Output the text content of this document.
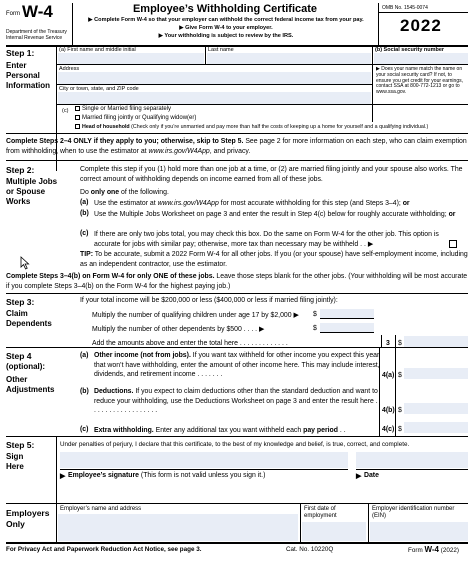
Form W-4
Department of the Treasury
Internal Revenue Service
Employee’s Withholding Certificate
▶ Complete Form W-4 so that your employer can withhold the correct federal income tax from your pay.
▶ Give Form W-4 to your employer.
▶ Your withholding is subject to review by the IRS.
OMB No. 1545-0074
2022
Step 1:
Enter
Personal
Information
(a) First name and middle initial	Last name	(b) Social security number
Address
City or town, state, and ZIP code
▶ Does your name match the name on your social security card? If not, to ensure you get credit for your earnings, contact SSA at 800-772-1213 or go to www.ssa.gov.
(c)	Single or Married filing separately
Married filing jointly or Qualifying widow(er)
Head of household (Check only if you’re unmarried and pay more than half the costs of keeping up a home for yourself and a qualifying individual.)
Complete Steps 2–4 ONLY if they apply to you; otherwise, skip to Step 5. See page 2 for more information on each step, who can claim exemption from withholding, when to use the estimator at www.irs.gov/W4App, and privacy.
Step 2:
Multiple Jobs
or Spouse
Works
Complete this step if you (1) hold more than one job at a time, or (2) are married filing jointly and your spouse also works. The correct amount of withholding depends on income earned from all of these jobs.
Do only one of the following.
(a) Use the estimator at www.irs.gov/W4App for most accurate withholding for this step (and Steps 3–4); or
(b) Use the Multiple Jobs Worksheet on page 3 and enter the result in Step 4(c) below for roughly accurate withholding; or
(c) If there are only two jobs total, you may check this box. Do the same on Form W-4 for the other job. This option is accurate for jobs with similar pay; otherwise, more tax than necessary may be withheld . . ▶
TIP: To be accurate, submit a 2022 Form W-4 for all other jobs. If you (or your spouse) have self-employment income, including as an independent contractor, use the estimator.
Complete Steps 3–4(b) on Form W-4 for only ONE of these jobs. Leave those steps blank for the other jobs. (Your withholding will be most accurate if you complete Steps 3–4(b) on the Form W-4 for the highest paying job.)
Step 3:
Claim
Dependents
If your total income will be $200,000 or less ($400,000 or less if married filing jointly):
Multiply the number of qualifying children under age 17 by $2,000 ▶ $
Multiply the number of other dependents by $500 . . . . ▶	$
Add the amounts above and enter the total here . . . . . . . . . . . . .	3 $
Step 4
(optional):
Other
Adjustments
(a) Other income (not from jobs). If you want tax withheld for other income you expect this year that won’t have withholding, enter the amount of other income here. This may include interest, dividends, and retirement income . . . . . . .	4(a) $
(b) Deductions. If you expect to claim deductions other than the standard deduction and want to reduce your withholding, use the Deductions Worksheet on page 3 and enter the result here . . . . . . . . . . . . . . . . . .	4(b) $
(c) Extra withholding. Enter any additional tax you want withheld each pay period . .	4(c) $
Step 5:
Sign
Here
Under penalties of perjury, I declare that this certificate, to the best of my knowledge and belief, is true, correct, and complete.
▶ Employee’s signature (This form is not valid unless you sign it.)	▶ Date
Employers
Only
Employer’s name and address	First date of employment
Employer identification number (EIN)
For Privacy Act and Paperwork Reduction Act Notice, see page 3.	Cat. No. 10220Q	Form W-4 (2022)
